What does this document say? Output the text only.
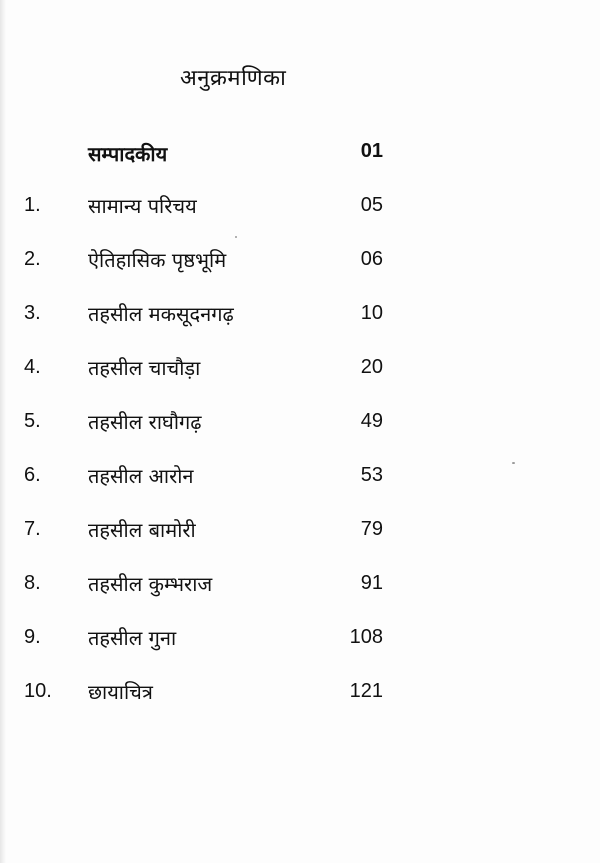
अनुक्रमणिका
सम्पादकीय	01
1. सामान्य परिचय	05
2. ऐतिहासिक पृष्ठभूमि	06
3. तहसील मकसूदनगढ़	10
4. तहसील चाचौड़ा	20
5. तहसील राघौगढ़	49
6. तहसील आरोन	53
7. तहसील बामोरी	79
8. तहसील कुम्भराज	91
9. तहसील गुना	108
10. छायाचित्र	121
